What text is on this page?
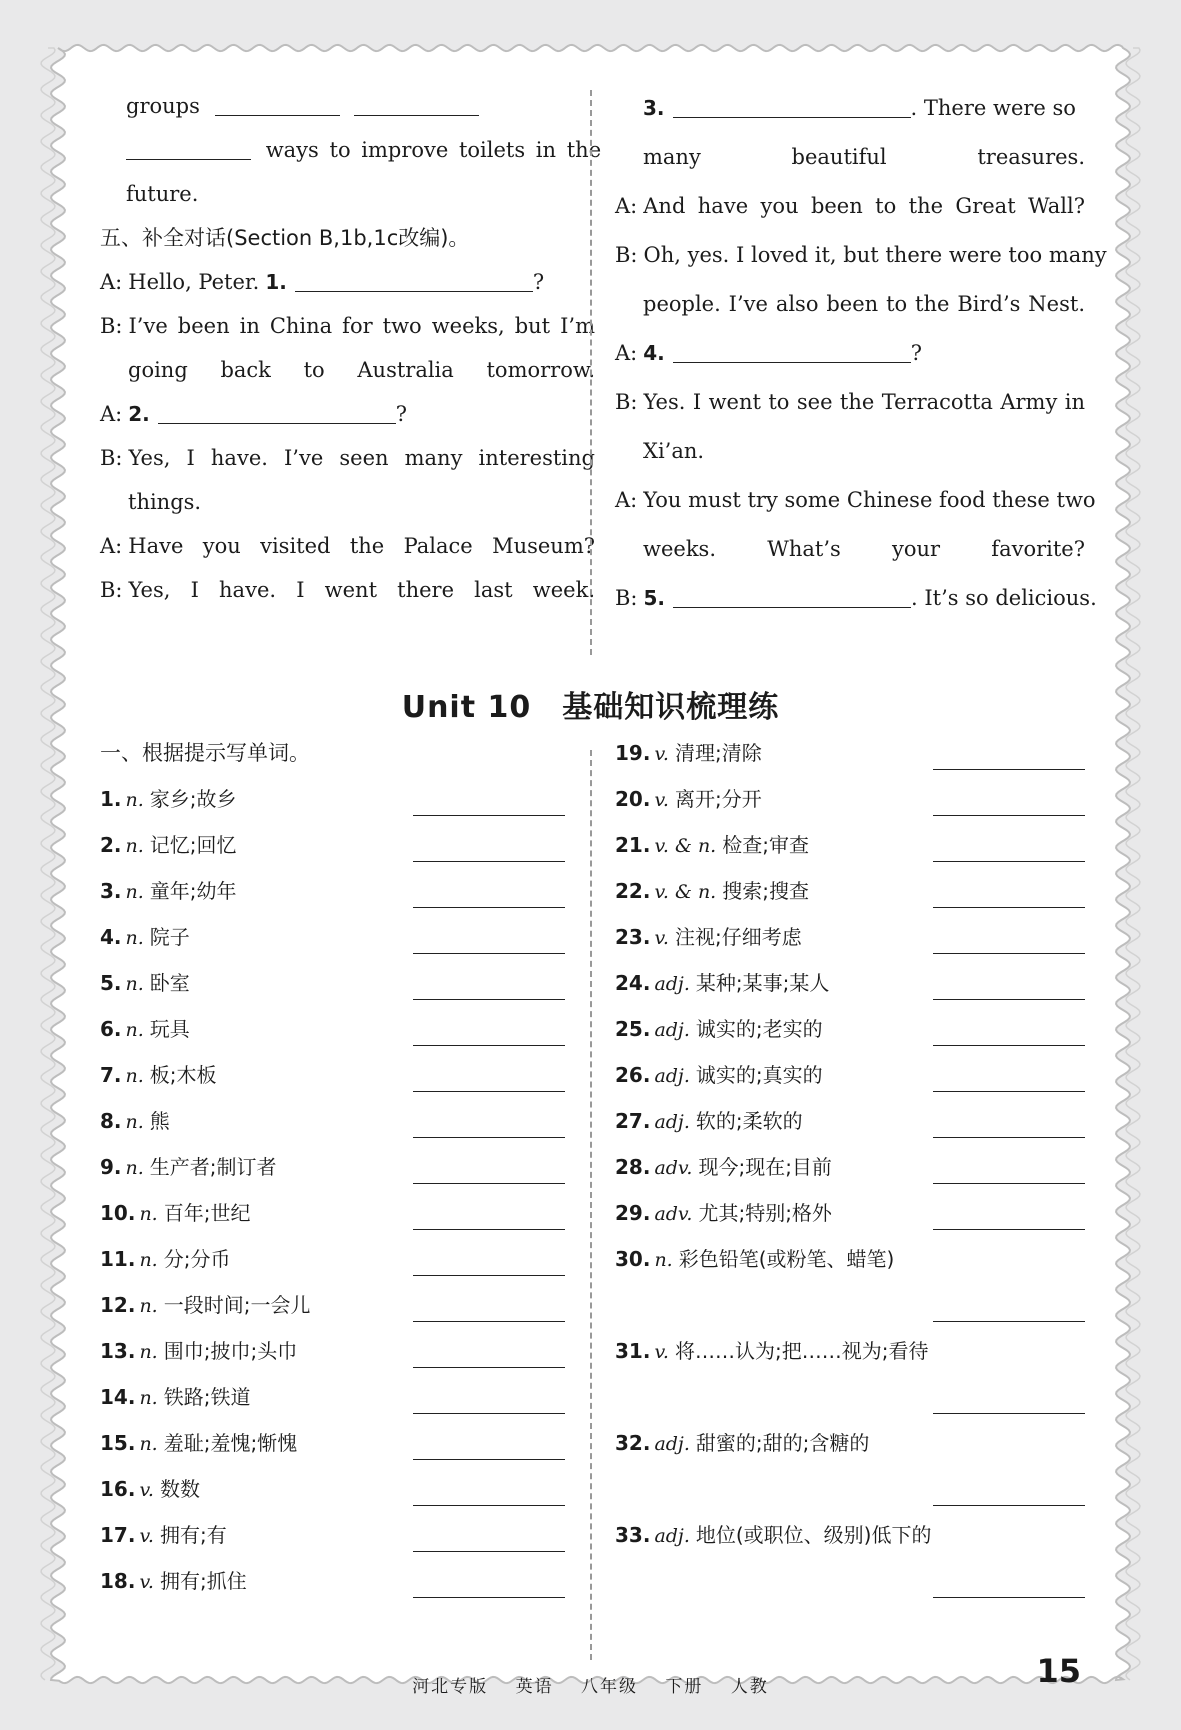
groups
ways to improve toilets in the
future.
五、补全对话(Section B,1b,1c改编)。
A: Hello, Peter. 1.	?
B: I’ve been in China for two weeks, but I’m
going back to Australia tomorrow.
A: 2.	?
B: Yes, I have. I’ve seen many interesting
things.
A: Have you visited the Palace Museum?
B: Yes, I have. I went there last week.
3.	. There were so
many beautiful treasures.
A: And have you been to the Great Wall?
B: Oh, yes. I loved it, but there were too many
people. I’ve also been to the Bird’s Nest.
A: 4.	?
B: Yes. I went to see the Terracotta Army in
Xi’an.
A: You must try some Chinese food these two
weeks. What’s your favorite?
B: 5.	. It’s so delicious.
Unit 10　基础知识梳理练
一、根据提示写单词。
1. n. 家乡;故乡
2. n. 记忆;回忆
3. n. 童年;幼年
4. n. 院子
5. n. 卧室
6. n. 玩具
7. n. 板;木板
8. n. 熊
9. n. 生产者;制订者
10. n. 百年;世纪
11. n. 分;分币
12. n. 一段时间;一会儿
13. n. 围巾;披巾;头巾
14. n. 铁路;铁道
15. n. 羞耻;羞愧;惭愧
16. v. 数数
17. v. 拥有;有
18. v. 拥有;抓住
19. v. 清理;清除
20. v. 离开;分开
21. v. & n. 检查;审查
22. v. & n. 搜索;搜查
23. v. 注视;仔细考虑
24. adj. 某种;某事;某人
25. adj. 诚实的;老实的
26. adj. 诚实的;真实的
27. adj. 软的;柔软的
28. adv. 现今;现在;目前
29. adv. 尤其;特别;格外
30. n. 彩色铅笔(或粉笔、蜡笔)
31. v. 将……认为;把……视为;看待
32. adj. 甜蜜的;甜的;含糖的
33. adj. 地位(或职位、级别)低下的
河北专版 英语 八年级 下册 人教	15
